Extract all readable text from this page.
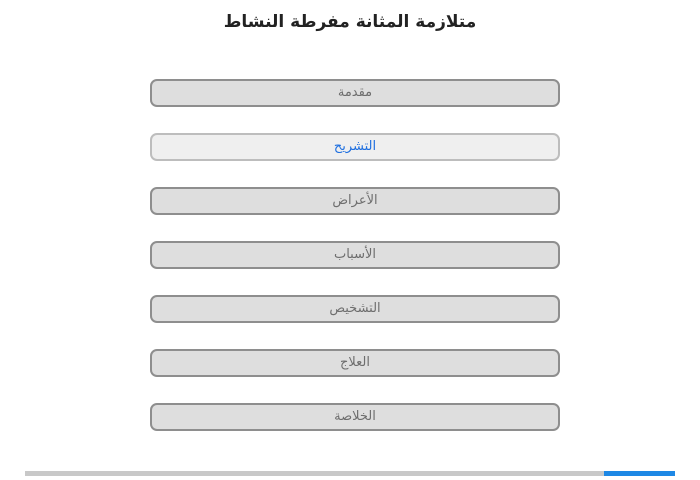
متلازمة المثانة مفرطة النشاط
مقدمة
التشريح
الأعراض
الأسباب
التشخيص
العلاج
الخلاصة
